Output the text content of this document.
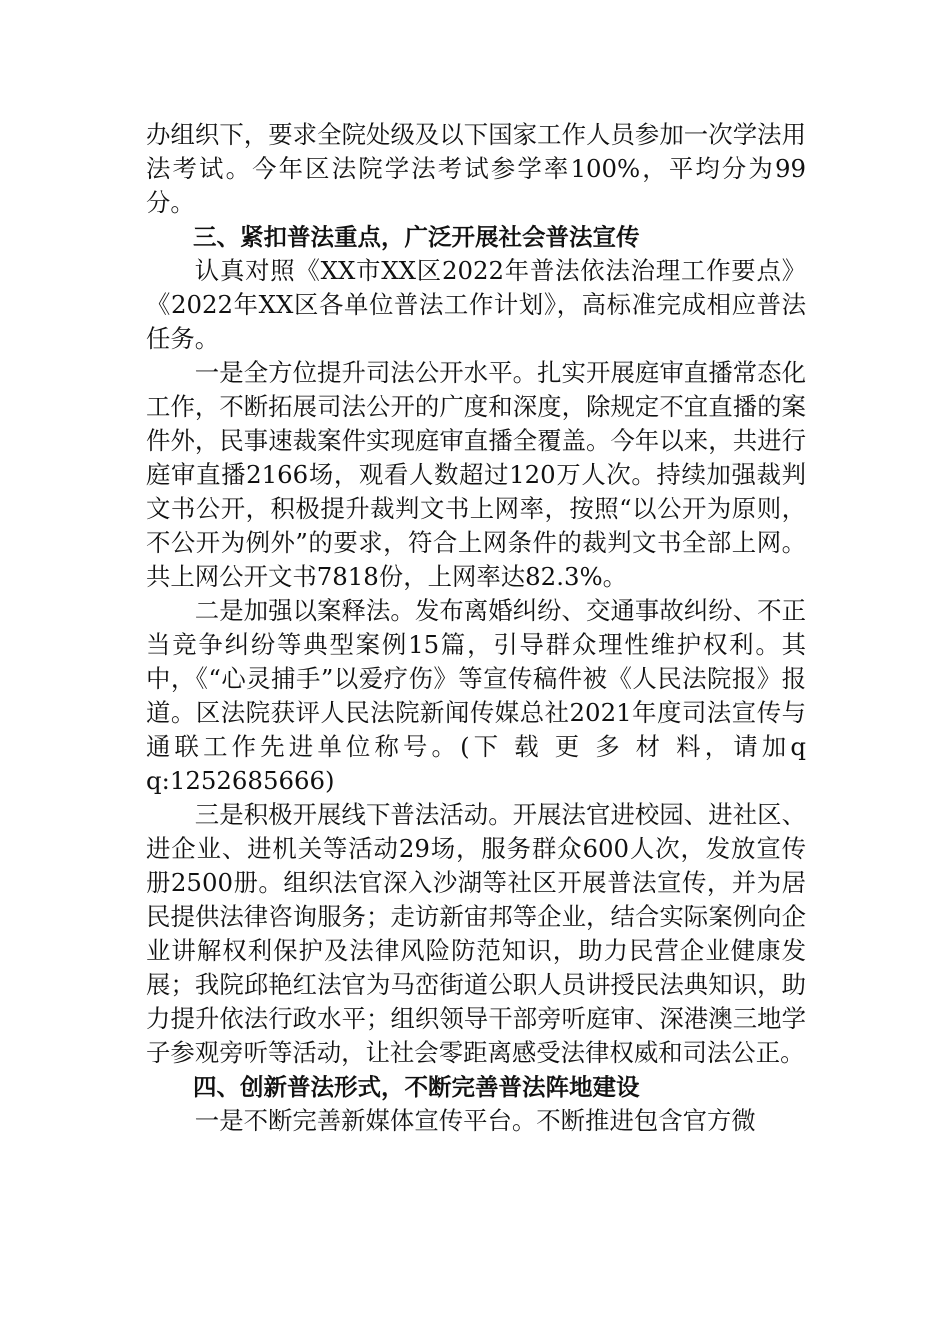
办组织下，要求全院处级及以下国家工作人员参加一次学法用法考试。今年区法院学法考试参学率100%，平均分为99分。

三、紧扣普法重点，广泛开展社会普法宣传

认真对照《XX市XX区2022年普法依法治理工作要点》《2022年XX区各单位普法工作计划》，高标准完成相应普法任务。

一是全方位提升司法公开水平。扎实开展庭审直播常态化工作，不断拓展司法公开的广度和深度，除规定不宜直播的案件外，民事速裁案件实现庭审直播全覆盖。今年以来，共进行庭审直播2166场，观看人数超过120万人次。持续加强裁判文书公开，积极提升裁判文书上网率，按照“以公开为原则，不公开为例外”的要求，符合上网条件的裁判文书全部上网。共上网公开文书7818份，上网率达82.3%。

二是加强以案释法。发布离婚纠纷、交通事故纠纷、不正当竞争纠纷等典型案例15篇，引导群众理性维护权利。其中，《“心灵捕手”以爱疗伤》等宣传稿件被《人民法院报》报道。区法院获评人民法院新闻传媒总社2021年度司法宣传与通联工作先进单位称号。(下 载 更 多 材 料，请加q q:1252685666)

三是积极开展线下普法活动。开展法官进校园、进社区、进企业、进机关等活动29场，服务群众600人次，发放宣传册2500册。组织法官深入沙湖等社区开展普法宣传，并为居民提供法律咨询服务；走访新宙邦等企业，结合实际案例向企业讲解权利保护及法律风险防范知识，助力民营企业健康发展；我院邱艳红法官为马峦街道公职人员讲授民法典知识，助力提升依法行政水平；组织领导干部旁听庭审、深港澳三地学子参观旁听等活动，让社会零距离感受法律权威和司法公正。

四、创新普法形式，不断完善普法阵地建设

一是不断完善新媒体宣传平台。不断推进包含官方微
